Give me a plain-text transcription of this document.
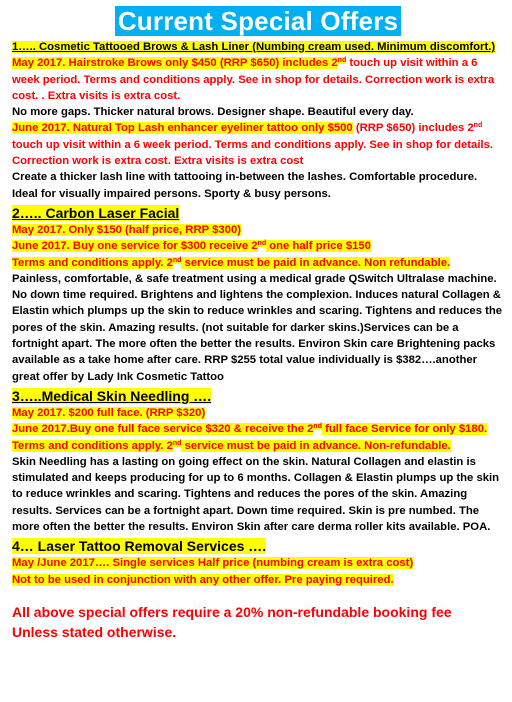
Current Special Offers

1….. Cosmetic Tattooed Brows & Lash Liner (Numbing cream used. Minimum discomfort.)

May 2017. Hairstroke Brows only $450 (RRP $650) includes 2nd touch up visit within a 6 week period. Terms and conditions apply. See in shop for details. Correction work is extra cost. . Extra visits is extra cost.

No more gaps. Thicker natural brows. Designer shape. Beautiful every day.

June 2017. Natural Top Lash enhancer eyeliner tattoo only $500 (RRP $650) includes 2nd touch up visit within a 6 week period. Terms and conditions apply. See in shop for details. Correction work is extra cost. Extra visits is extra cost

Create a thicker lash line with tattooing in-between the lashes. Comfortable procedure. Ideal for visually impaired persons. Sporty & busy persons.

2….. Carbon Laser Facial

May 2017. Only $150 (half price, RRP $300)

June 2017. Buy one service for $300 receive 2nd one half price $150

Terms and conditions apply. 2nd service must be paid in advance. Non refundable.

Painless, comfortable, & safe treatment using a medical grade QSwitch Ultralase machine. No down time required. Brightens and lightens the complexion. Induces natural Collagen & Elastin which plumps up the skin to reduce wrinkles and scaring. Tightens and reduces the pores of the skin. Amazing results. (not suitable for darker skins.)Services can be a fortnight apart. The more often the better the results. Environ Skin care Brightening packs available as a take home after care. RRP $255 total value individually is $382….another great offer by Lady Ink Cosmetic Tattoo

3…..Medical Skin Needling ….

May 2017. $200 full face. (RRP $320)

June 2017.Buy one full face service $320 & receive the 2nd full face Service for only $180.

Terms and conditions apply. 2nd service must be paid in advance. Non-refundable.

Skin Needling has a lasting on going effect on the skin. Natural Collagen and elastin is stimulated and keeps producing for up to 6 months. Collagen & Elastin plumps up the skin to reduce wrinkles and scaring. Tightens and reduces the pores of the skin. Amazing results. Services can be a fortnight apart. Down time required. Skin is pre numbed. The more often the better the results. Environ Skin after care derma roller kits available. POA.

4… Laser Tattoo Removal Services ….

May /June 2017…. Single services Half price (numbing cream is extra cost)

Not to be used in conjunction with any other offer. Pre paying required.

All above special offers require a 20% non-refundable booking fee
Unless stated otherwise.
